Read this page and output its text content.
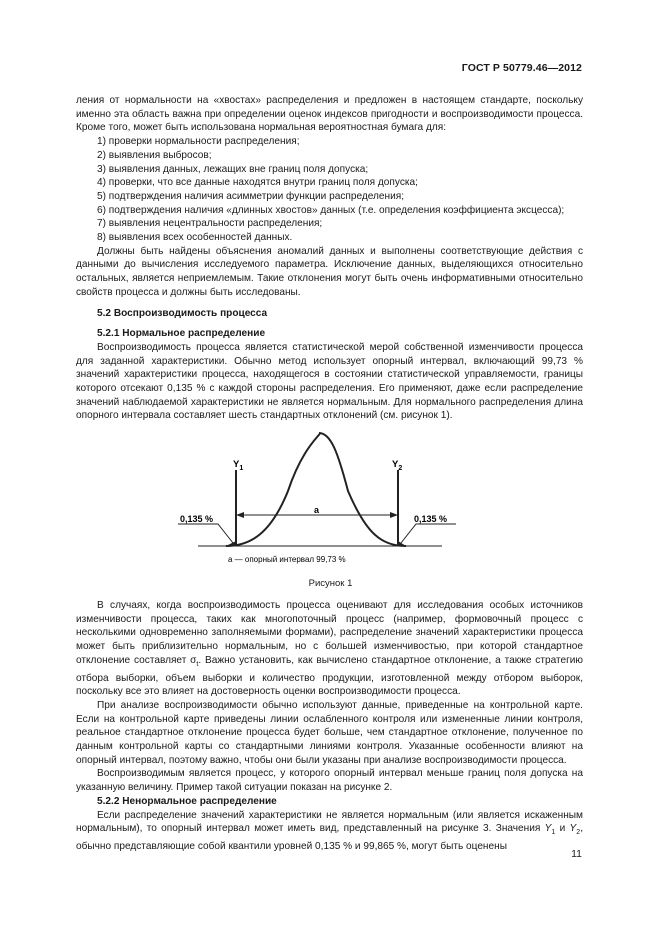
ГОСТ Р 50779.46—2012

ления от нормальности на «хвостах» распределения и предложен в настоящем стандарте, поскольку именно эта область важна при определении оценок индексов пригодности и воспроизводимости процесса. Кроме того, может быть использована нормальная вероятностная бумага для:

1) проверки нормальности распределения;

2) выявления выбросов;

3) выявления данных, лежащих вне границ поля допуска;

4) проверки, что все данные находятся внутри границ поля допуска;

5) подтверждения наличия асимметрии функции распределения;

6) подтверждения наличия «длинных хвостов» данных (т.е. определения коэффициента эксцесса);

7) выявления нецентральности распределения;

8) выявления всех особенностей данных.

Должны быть найдены объяснения аномалий данных и выполнены соответствующие действия с данными до вычисления исследуемого параметра. Исключение данных, выделяющихся относительно остальных, является неприемлемым. Такие отклонения могут быть очень информативными относительно свойств процесса и должны быть исследованы.

5.2 Воспроизводимость процесса

5.2.1 Нормальное распределение

Воспроизводимость процесса является статистической мерой собственной изменчивости процесса для заданной характеристики. Обычно метод использует опорный интервал, включающий 99,73 % значений характеристики процесса, находящегося в состоянии статистической управляемости, границы которого отсекают 0,135 % с каждой стороны распределения. Его применяют, даже если распределение значений наблюдаемой характеристики не является нормальным. Для нормального распределения длина опорного интервала составляет шесть стандартных отклонений (см. рисунок 1).

$Y_1$	$Y_2$
0,135 %	0,135 %
a
a — опорный интервал 99,73 %
Рисунок 1

В случаях, когда воспроизводимость процесса оценивают для исследования особых источников изменчивости процесса, таких как многопоточный процесс (например, формовочный процесс с несколькими одновременно заполняемыми формами), распределение значений характеристики процесса может быть приблизительно нормальным, но с большей изменчивостью, при которой стандартное отклонение составляет $\sigma_t$. Важно установить, как вычислено стандартное отклонение, а также стратегию отбора выборки, объем выборки и количество продукции, изготовленной между отбором выборок, поскольку все это влияет на достоверность оценки воспроизводимости процесса.

При анализе воспроизводимости обычно используют данные, приведенные на контрольной карте. Если на контрольной карте приведены линии ослабленного контроля или измененные линии контроля, реальное стандартное отклонение процесса будет больше, чем стандартное отклонение, полученное по данным контрольной карты со стандартными линиями контроля. Указанные особенности влияют на опорный интервал, поэтому важно, чтобы они были указаны при анализе воспроизводимости процесса.

Воспроизводимым является процесс, у которого опорный интервал меньше границ поля допуска на указанную величину. Пример такой ситуации показан на рисунке 2.

5.2.2 Ненормальное распределение

Если распределение значений характеристики не является нормальным (или является искаженным нормальным), то опорный интервал может иметь вид, представленный на рисунке 3. Значения $Y_1$ и $Y_2$, обычно представляющие собой квантили уровней 0,135 % и 99,865 %, могут быть оценены

11
